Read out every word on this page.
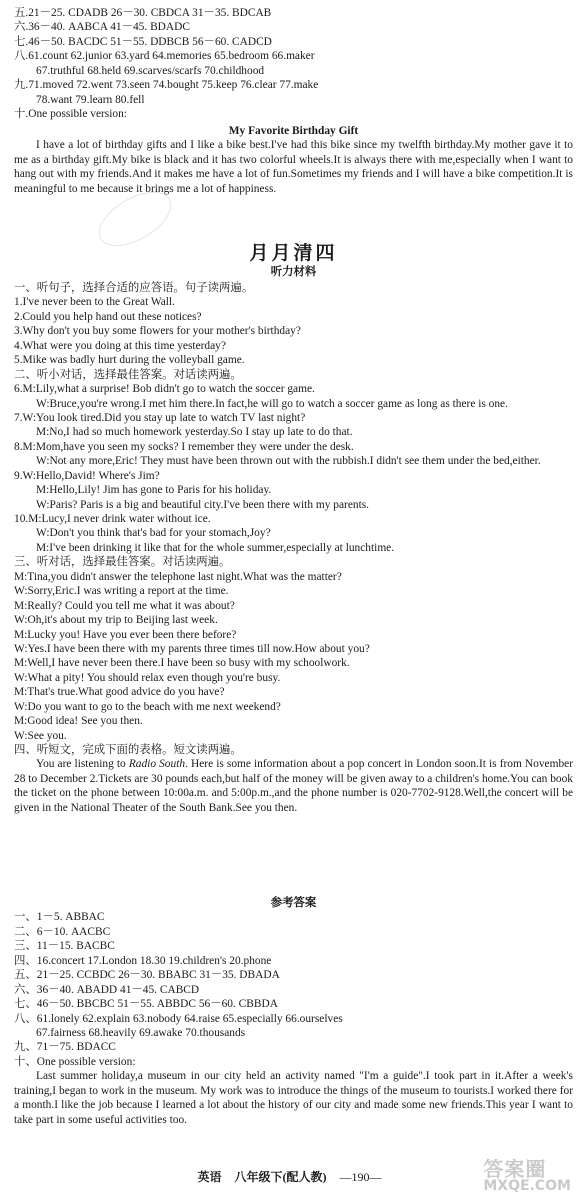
五.21－25. CDADB 26－30. CBDCA 31－35. BDCAB
六.36－40. AABCA 41－45. BDADC
七.46－50. BACDC 51－55. DDBCB 56－60. CADCD
八.61.count 62.junior 63.yard 64.memories 65.bedroom 66.maker
67.truthful 68.held 69.scarves/scarfs 70.childhood
九.71.moved 72.went 73.seen 74.bought 75.keep 76.clear 77.make
78.want 79.learn 80.fell
十.One possible version:
My Favorite Birthday Gift
I have a lot of birthday gifts and I like a bike best.I've had this bike since my twelfth birthday.My mother gave it to me as a birthday gift.My bike is black and it has two colorful wheels.It is always there with me,especially when I want to hang out with my friends.And it makes me have a lot of fun.Sometimes my friends and I will have a bike competition.It is meaningful to me because it brings me a lot of happiness.
月月清四
听力材料
一、听句子，选择合适的应答语。句子读两遍。
1.I've never been to the Great Wall.
2.Could you help hand out these notices?
3.Why don't you buy some flowers for your mother's birthday?
4.What were you doing at this time yesterday?
5.Mike was badly hurt during the volleyball game.
二、听小对话，选择最佳答案。对话读两遍。
6.M:Lily,what a surprise! Bob didn't go to watch the soccer game.
W:Bruce,you're wrong.I met him there.In fact,he will go to watch a soccer game as long as there is one.
7.W:You look tired.Did you stay up late to watch TV last night?
M:No,I had so much homework yesterday.So I stay up late to do that.
8.M:Mom,have you seen my socks? I remember they were under the desk.
W:Not any more,Eric! They must have been thrown out with the rubbish.I didn't see them under the bed,either.
9.W:Hello,David! Where's Jim?
M:Hello,Lily! Jim has gone to Paris for his holiday.
W:Paris? Paris is a big and beautiful city.I've been there with my parents.
10.M:Lucy,I never drink water without ice.
W:Don't you think that's bad for your stomach,Joy?
M:I've been drinking it like that for the whole summer,especially at lunchtime.
三、听对话，选择最佳答案。对话读两遍。
M:Tina,you didn't answer the telephone last night.What was the matter?
W:Sorry,Eric.I was writing a report at the time.
M:Really? Could you tell me what it was about?
W:Oh,it's about my trip to Beijing last week.
M:Lucky you! Have you ever been there before?
W:Yes.I have been there with my parents three times till now.How about you?
M:Well,I have never been there.I have been so busy with my schoolwork.
W:What a pity! You should relax even though you're busy.
M:That's true.What good advice do you have?
W:Do you want to go to the beach with me next weekend?
M:Good idea! See you then.
W:See you.
四、听短文，完成下面的表格。短文读两遍。
You are listening to Radio South. Here is some information about a pop concert in London soon.It is from November 28 to December 2.Tickets are 30 pounds each,but half of the money will be given away to a children's home.You can book the ticket on the phone between 10:00a.m. and 5:00p.m.,and the phone number is 020-7702-9128.Well,the concert will be given in the National Theater of the South Bank.See you then.
参考答案
一、1－5. ABBAC
二、6－10. AACBC
三、11－15. BACBC
四、16.concert 17.London 18.30 19.children's 20.phone
五、21－25. CCBDC 26－30. BBABC 31－35. DBADA
六、36－40. ABADD 41－45. CABCD
七、46－50. BBCBC 51－55. ABBDC 56－60. CBBDA
八、61.lonely 62.explain 63.nobody 64.raise 65.especially 66.ourselves
67.fairness 68.heavily 69.awake 70.thousands
九、71－75. BDACC
十、One possible version:
Last summer holiday,a museum in our city held an activity named "I'm a guide".I took part in it.After a week's training,I began to work in the museum. My work was to introduce the things of the museum to tourists.I worked there for a month.I like the job because I learned a lot about the history of our city and made some new friends.This year I want to take part in some useful activities too.
英语 八年级下(配人教) —190—	答案圈
MXQE.COM
